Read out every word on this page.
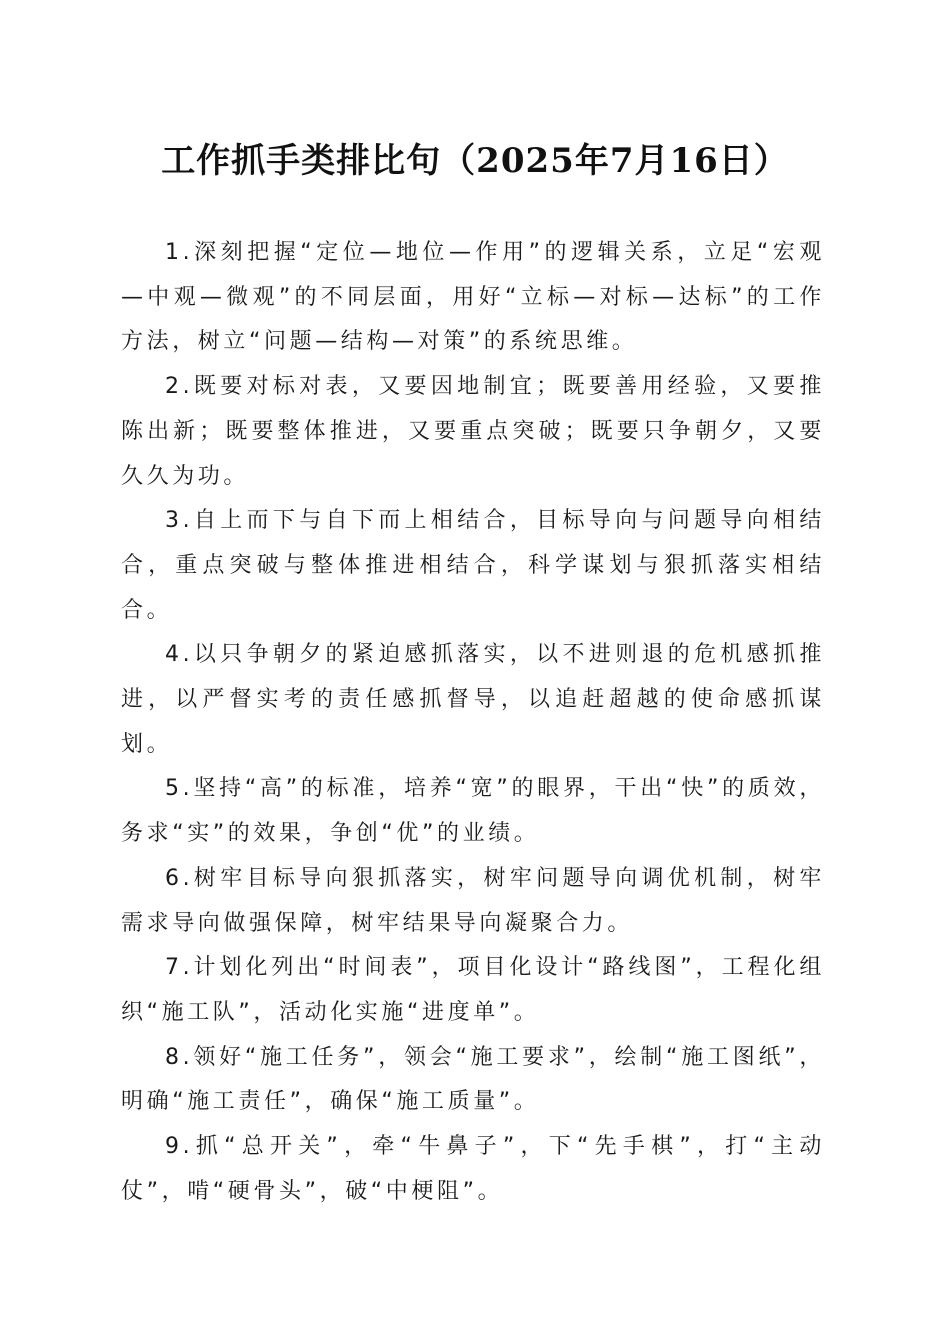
工作抓手类排比句（2025年7月16日）

1.深刻把握“定位—地位—作用”的逻辑关系，立足“宏观—中观—微观”的不同层面，用好“立标—对标—达标”的工作方法，树立“问题—结构—对策”的系统思维。

2.既要对标对表，又要因地制宜；既要善用经验，又要推陈出新；既要整体推进，又要重点突破；既要只争朝夕，又要久久为功。

3.自上而下与自下而上相结合，目标导向与问题导向相结合，重点突破与整体推进相结合，科学谋划与狠抓落实相结合。

4.以只争朝夕的紧迫感抓落实，以不进则退的危机感抓推进，以严督实考的责任感抓督导，以追赶超越的使命感抓谋划。

5.坚持“高”的标准，培养“宽”的眼界，干出“快”的质效，务求“实”的效果，争创“优”的业绩。

6.树牢目标导向狠抓落实，树牢问题导向调优机制，树牢需求导向做强保障，树牢结果导向凝聚合力。

7.计划化列出“时间表”，项目化设计“路线图”，工程化组织“施工队”，活动化实施“进度单”。

8.领好“施工任务”，领会“施工要求”，绘制“施工图纸”，明确“施工责任”，确保“施工质量”。

9.抓“总开关”，牵“牛鼻子”，下“先手棋”，打“主动仗”，啃“硬骨头”，破“中梗阻”。
